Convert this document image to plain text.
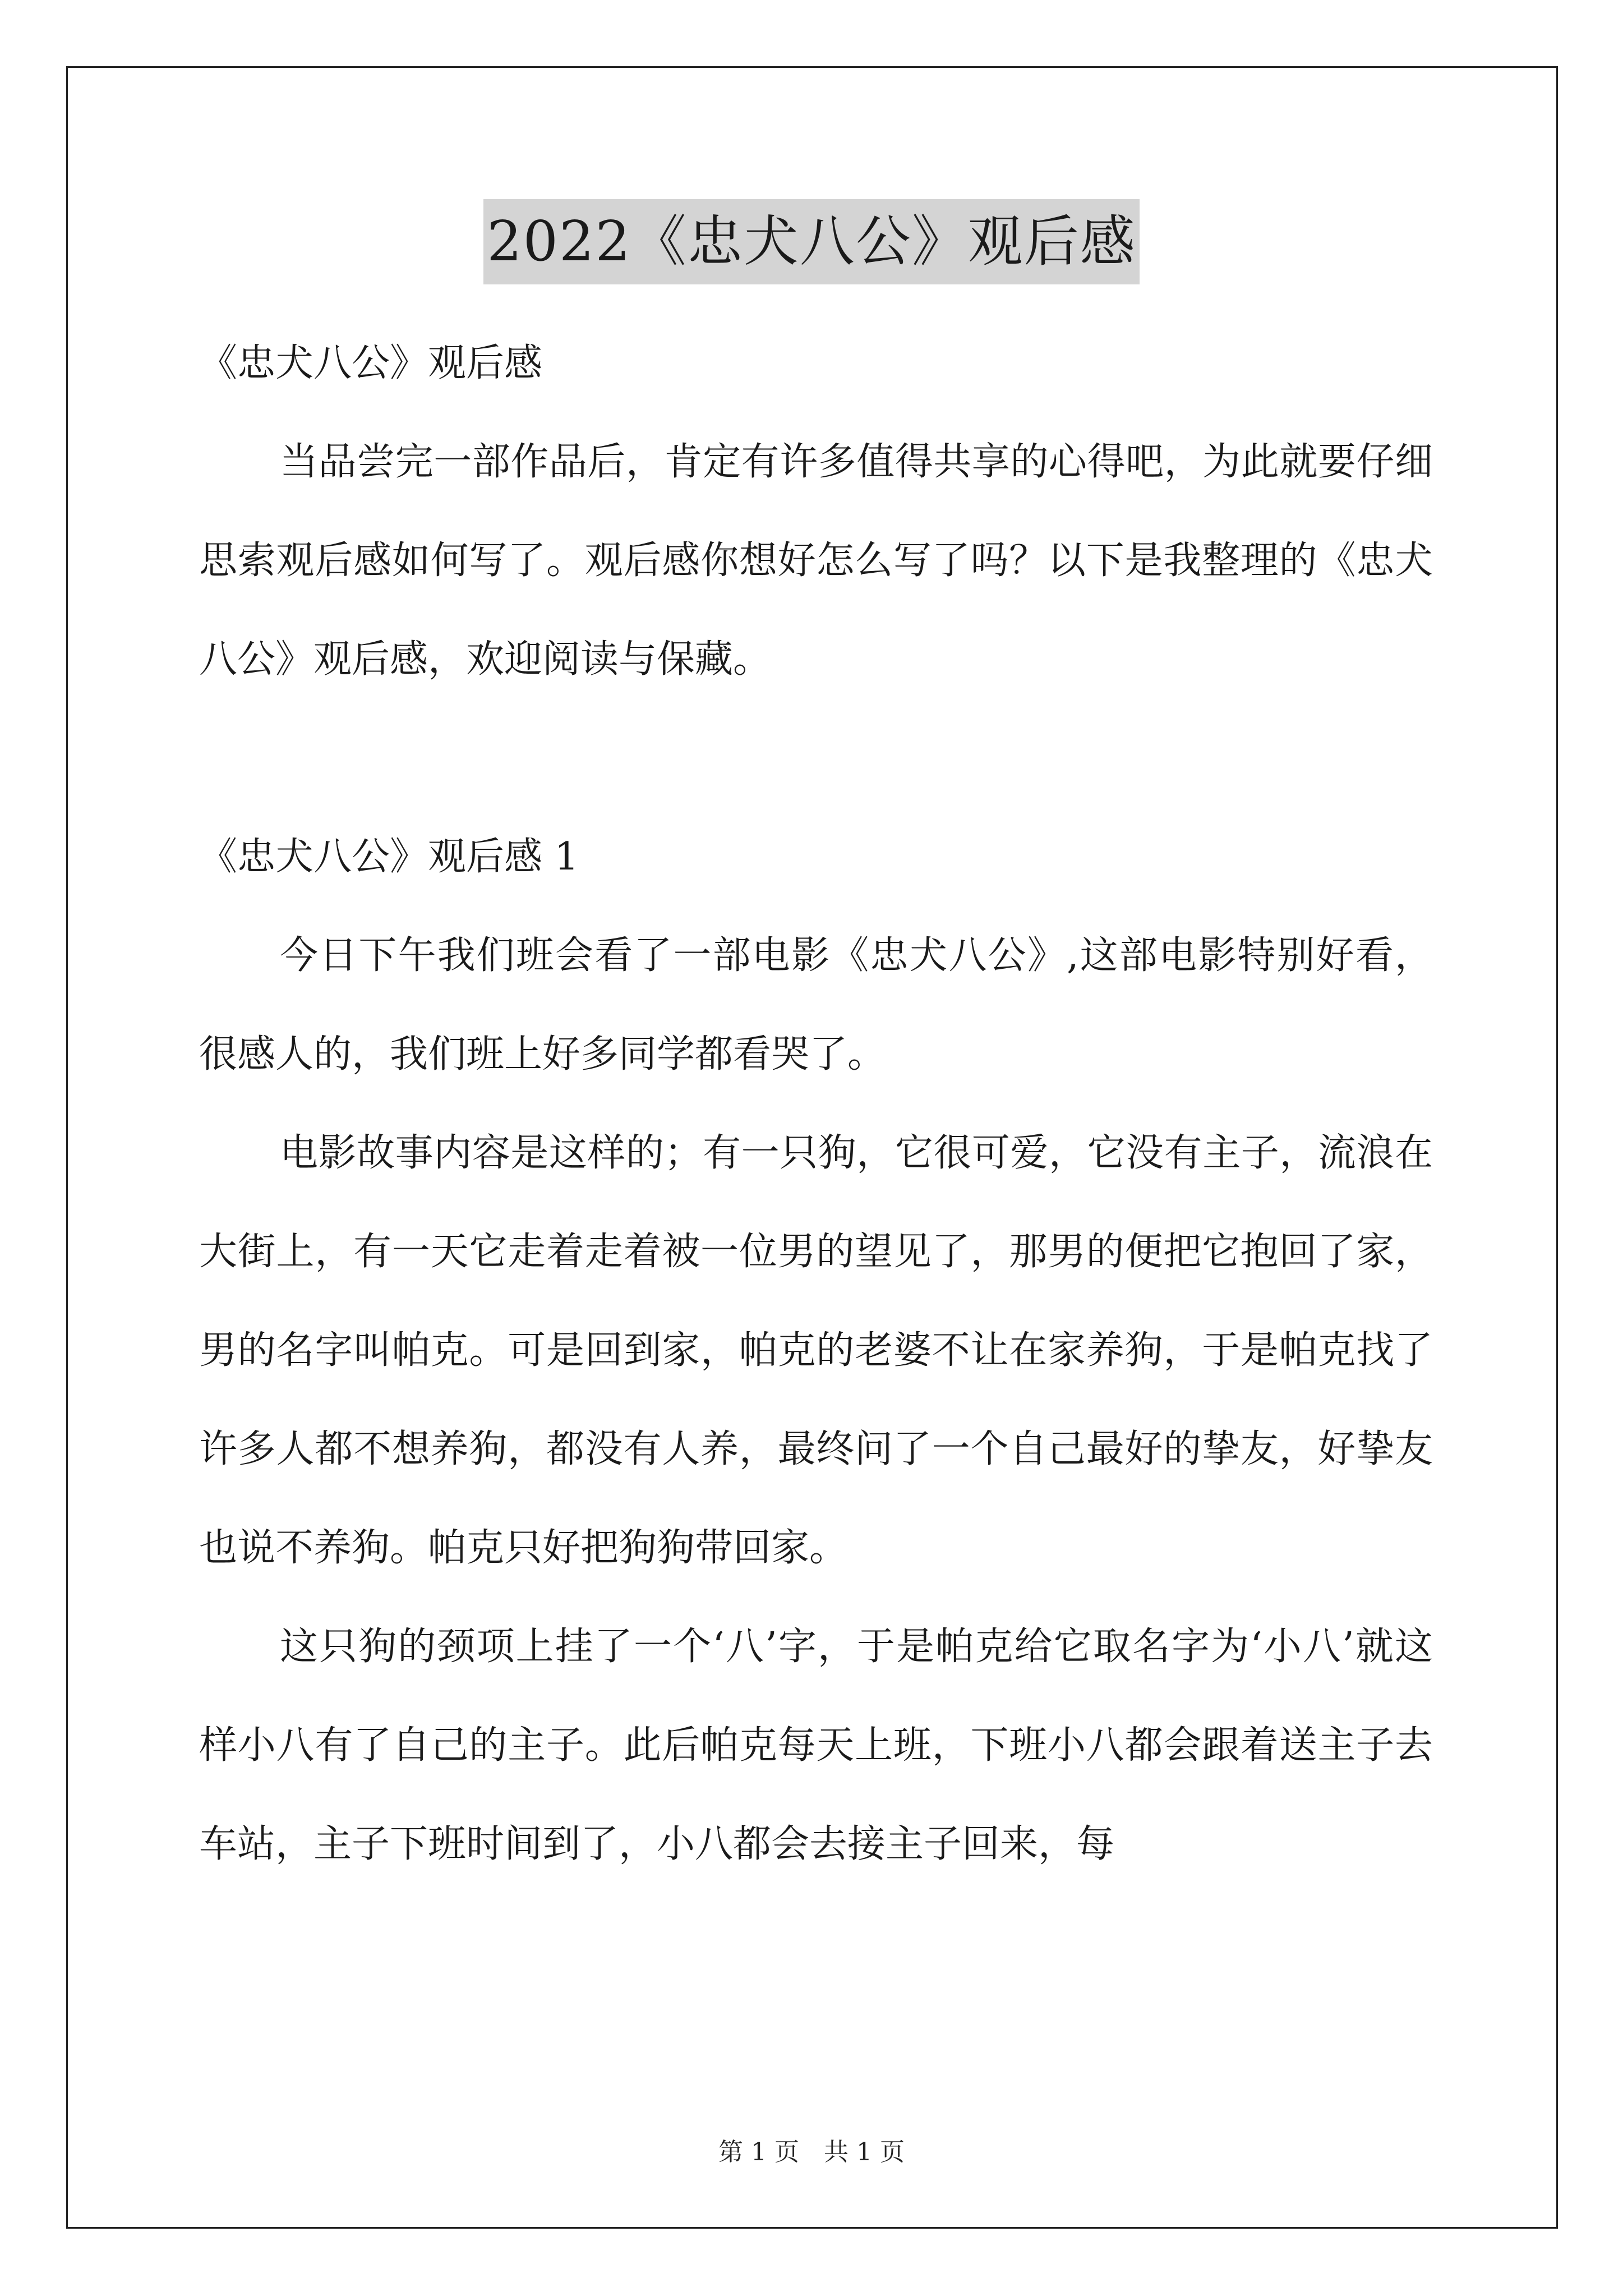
2022《忠犬八公》观后感

《忠犬八公》观后感

当品尝完一部作品后，肯定有许多值得共享的心得吧，为此就要仔细思索观后感如何写了。观后感你想好怎么写了吗？以下是我整理的《忠犬八公》观后感，欢迎阅读与保藏。

《忠犬八公》观后感 1

今日下午我们班会看了一部电影《忠犬八公》,这部电影特别好看，很感人的，我们班上好多同学都看哭了。

电影故事内容是这样的；有一只狗，它很可爱，它没有主子，流浪在大街上，有一天它走着走着被一位男的望见了，那男的便把它抱回了家，男的名字叫帕克。可是回到家，帕克的老婆不让在家养狗，于是帕克找了许多人都不想养狗，都没有人养，最终问了一个自己最好的挚友，好挚友也说不养狗。帕克只好把狗狗带回家。

这只狗的颈项上挂了一个‘八’字，于是帕克给它取名字为‘小八’就这样小八有了自己的主子。此后帕克每天上班，下班小八都会跟着送主子去车站，主子下班时间到了，小八都会去接主子回来，每

第 1 页　共 1 页
